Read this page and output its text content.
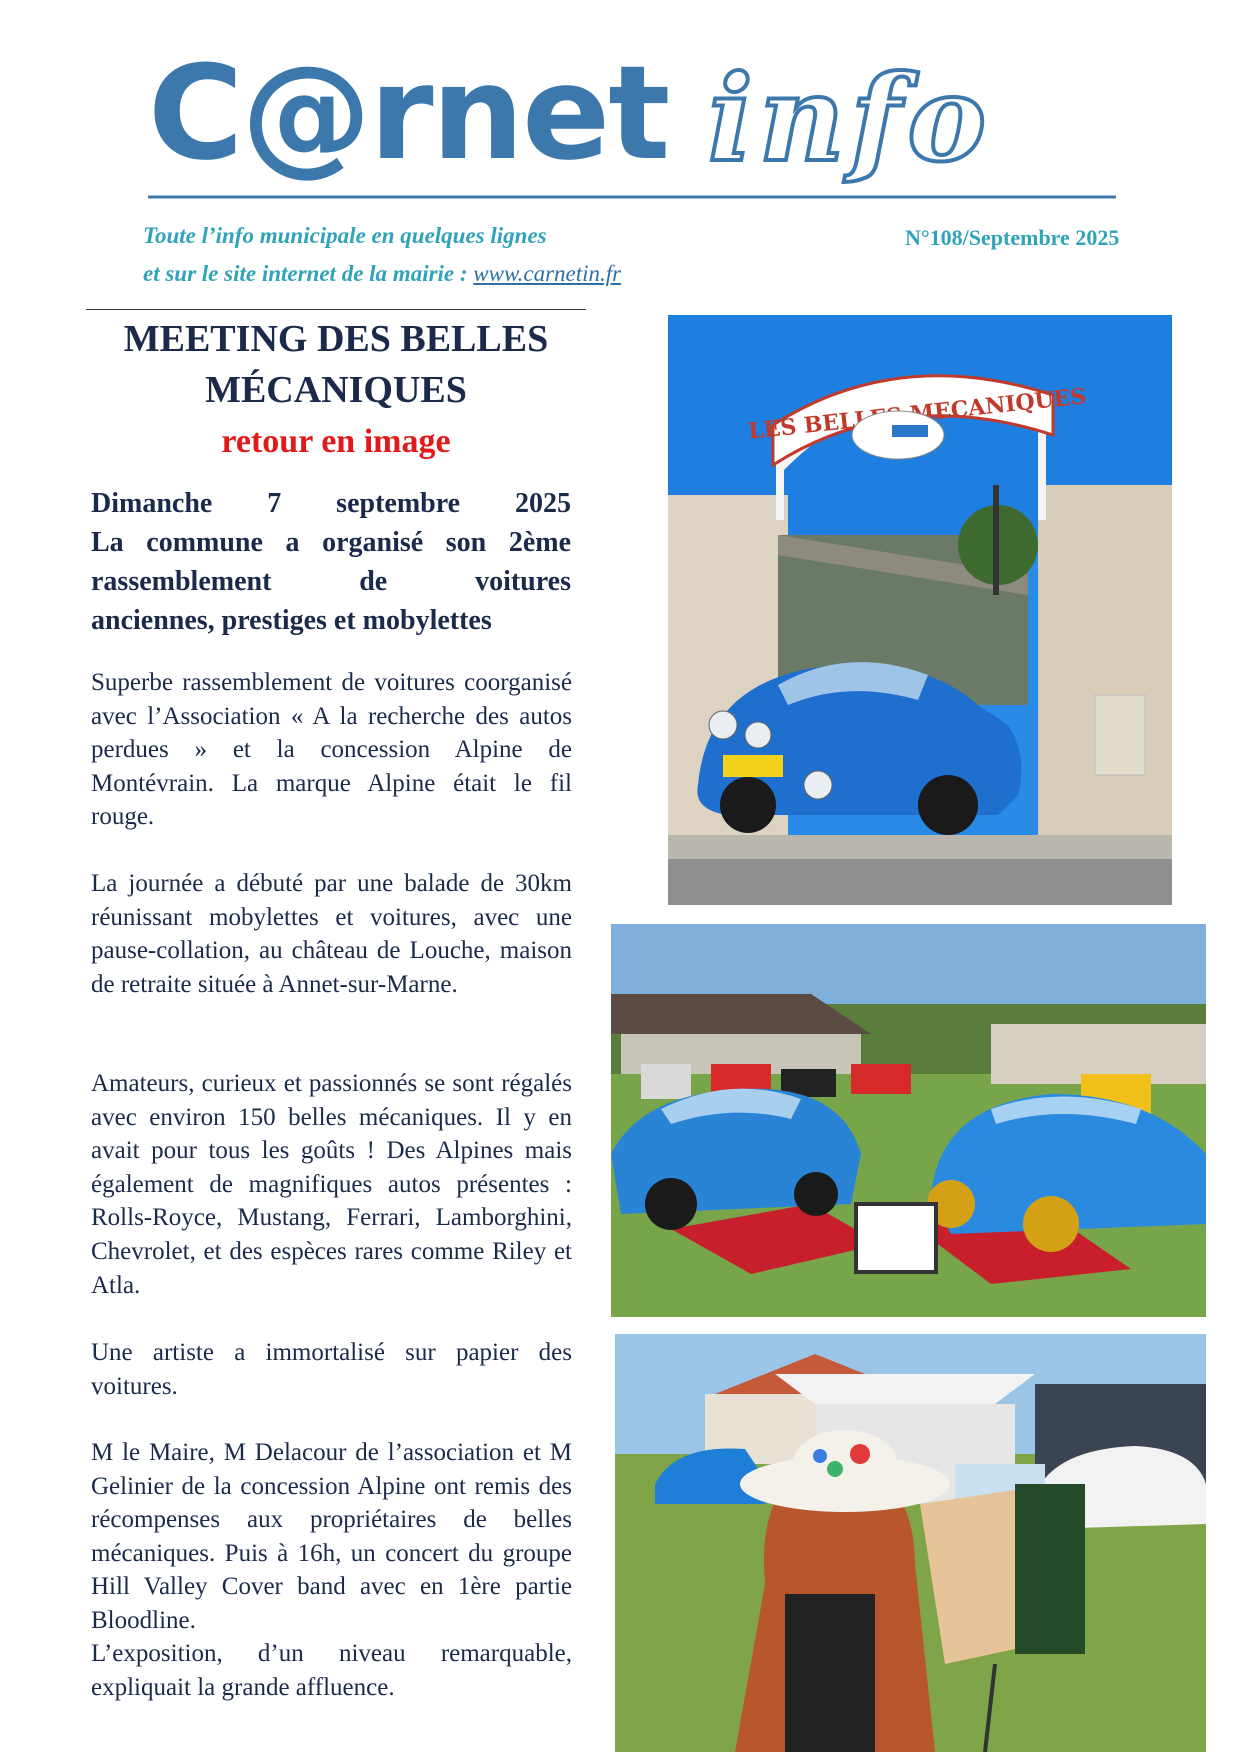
C@rnet info
Toute l’info municipale en quelques lignes
et sur le site internet de la mairie : www.carnetin.fr
N°108/Septembre 2025
MEETING DES BELLES
MÉCANIQUES
retour en image
Dimanche 7 septembre 2025
La commune a organisé son 2ème
rassemblement de voitures
anciennes, prestiges et mobylettes
Superbe rassemblement de voitures coorganisé avec l’Association « A la recherche des autos perdues » et la concession Alpine de Montévrain. La marque Alpine était le fil rouge.
La journée a débuté par une balade de 30km réunissant mobylettes et voitures, avec une pause-collation, au château de Louche, maison de retraite située à Annet-sur-Marne.
Amateurs, curieux et passionnés se sont régalés avec environ 150 belles mécaniques. Il y en avait pour tous les goûts ! Des Alpines mais également de magnifiques autos présentes : Rolls-Royce, Mustang, Ferrari, Lamborghini, Chevrolet, et des espèces rares comme Riley et Atla.
Une artiste a immortalisé sur papier des voitures.
M le Maire, M Delacour de l’association et M Gelinier de la concession Alpine ont remis des récompenses aux propriétaires de belles mécaniques. Puis à 16h, un concert du groupe Hill Valley Cover band avec en 1ère partie Bloodline.
L’exposition, d’un niveau remarquable, expliquait la grande affluence.
LES BELLES MECANIQUES
